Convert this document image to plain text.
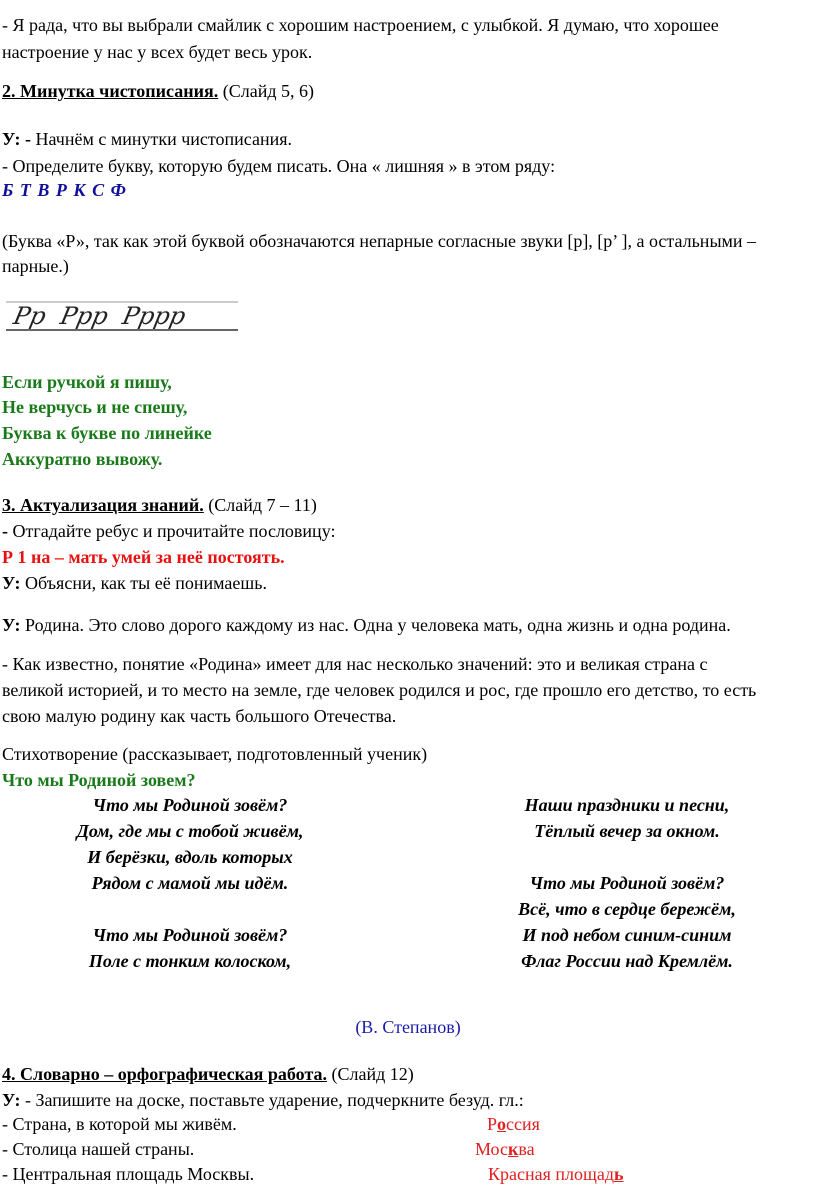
- Я рада, что вы выбрали смайлик с хорошим настроением, с улыбкой. Я думаю, что хорошее
настроение у нас у всех будет весь урок.
2. Минутка чистописания. (Слайд 5, 6)
У: - Начнём с минутки чистописания.
- Определите букву, которую будем писать. Она « лишняя » в этом ряду:
Б Т В Р К С Ф
(Буква «Р», так как этой буквой обозначаются непарные согласные звуки [р], [р’ ], а остальными –
парные.)
Рр  Ррр  Рррр
Если ручкой я пишу,
Не верчусь и не спешу,
Буква к букве по линейке
Аккуратно вывожу.
3. Актуализация знаний. (Слайд 7 – 11)
- Отгадайте ребус и прочитайте пословицу:
Р 1 на – мать умей за неё постоять.
У: Объясни, как ты её понимаешь.
У: Родина. Это слово дорого каждому из нас. Одна у человека мать, одна жизнь и одна родина.
- Как известно, понятие «Родина» имеет для нас несколько значений: это и великая страна с
великой историей, и то место на земле, где человек родился и рос, где прошло его детство, то есть
свою малую родину как часть большого Отечества.
Стихотворение (рассказывает, подготовленный ученик)
Что мы Родиной зовем?
Что мы Родиной зовём?
Дом, где мы с тобой живём,
И берёзки, вдоль которых
Рядом с мамой мы идём.
Что мы Родиной зовём?
Поле с тонким колоском,
Наши праздники и песни,
Тёплый вечер за окном.
Что мы Родиной зовём?
Всё, что в сердце бережём,
И под небом синим-синим
Флаг России над Кремлём.
(В. Степанов)
4. Словарно – орфографическая работа. (Слайд 12)
У: - Запишите на доске, поставьте ударение, подчеркните безуд. гл.:
- Страна, в которой мы живём.	Россия
- Столица нашей страны.	Москва
- Центральная площадь Москвы.	Красная площадь
